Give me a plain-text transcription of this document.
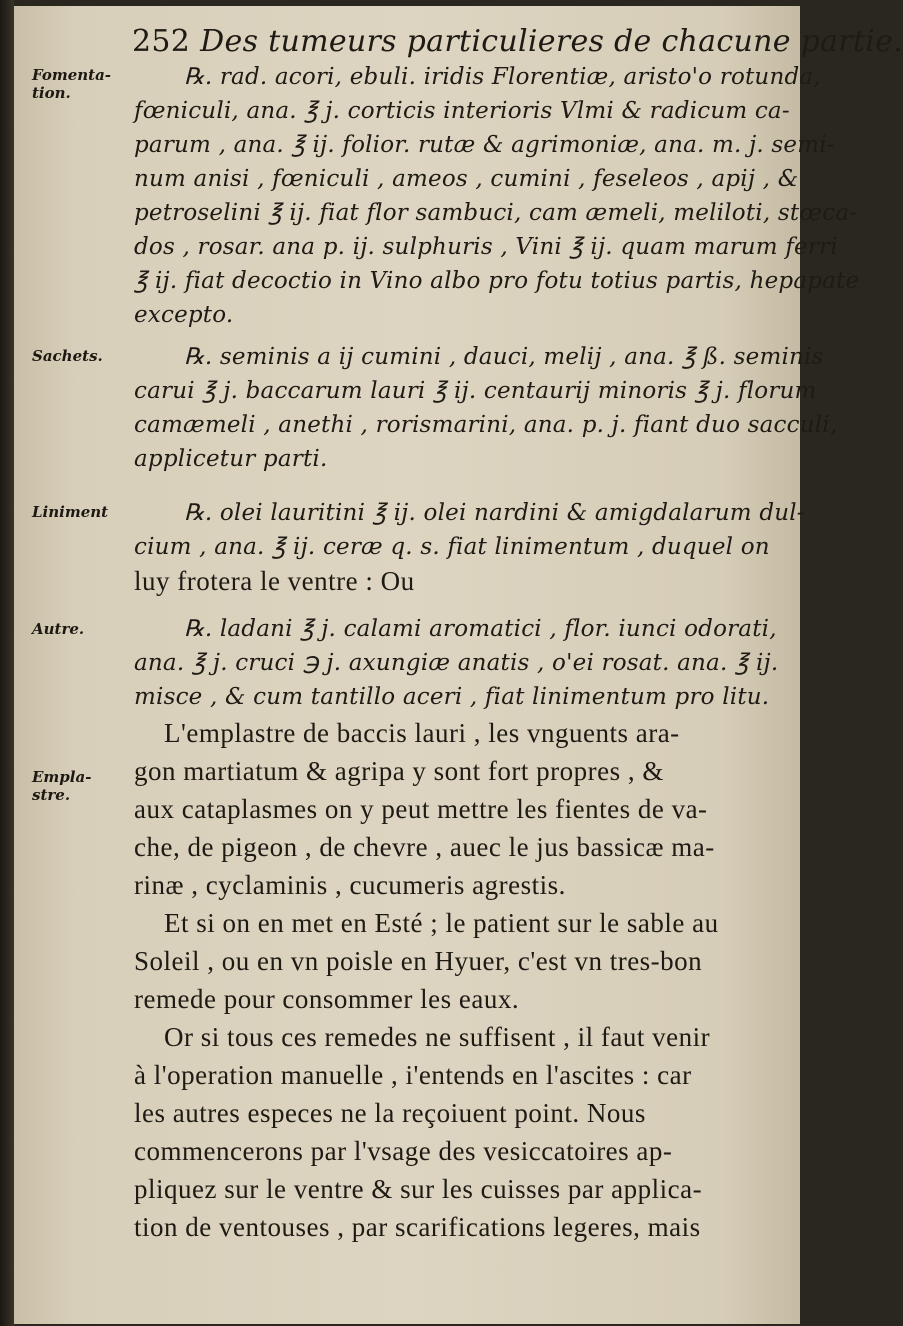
252 Des tumeurs particulieres de chacune partie.
Fomenta- tion.
Sachets.
Liniment
Autre.
Empla- stre.
℞. rad. acori, ebuli. iridis Florentiæ, aristo'o rotunda,
fœniculi, ana. ℥ j. corticis interioris Vlmi & radicum ca-
parum , ana. ℥ ij. folior. rutæ & agrimoniæ, ana. m. j. semi-
num anisi , fœniculi , ameos , cumini , feseleos , apij , &
petroselini ℥ ij. fiat flor sambuci, cam æmeli, meliloti, stœca-
dos , rosar. ana p. ij. sulphuris , Vini ℥ ij. quam marum ferri
℥ ij. fiat decoctio in Vino albo pro fotu totius partis, hepapate
excepto.
℞. seminis a ij cumini , dauci, melij , ana. ℥ ß. seminis
carui ℥ j. baccarum lauri ℥ ij. centaurij minoris ℥ j. florum
camæmeli , anethi , rorismarini, ana. p. j. fiant duo sacculi,
applicetur parti.
℞. olei lauritini ℥ ij. olei nardini & amigdalarum dul-
cium , ana. ℥ ij. ceræ q. s. fiat linimentum , duquel on
luy frotera le ventre : Ou
℞. ladani ℥ j. calami aromatici , flor. iunci odorati,
ana. ℥ j. cruci ℈ j. axungiæ anatis , o'ei rosat. ana. ℥ ij.
misce , & cum tantillo aceri , fiat linimentum pro litu.
L'emplastre de baccis lauri , les vnguents ara-
gon martiatum & agripa y sont fort propres , &
aux cataplasmes on y peut mettre les fientes de va-
che, de pigeon , de chevre , auec le jus bassicæ ma-
rinæ , cyclaminis , cucumeris agrestis.
Et si on en met en Esté ; le patient sur le sable au
Soleil , ou en vn poisle en Hyuer, c'est vn tres-bon
remede pour consommer les eaux.
Or si tous ces remedes ne suffisent , il faut venir
à l'operation manuelle , i'entends en l'ascites : car
les autres especes ne la reçoiuent point. Nous
commencerons par l'vsage des vesiccatoires ap-
pliquez sur le ventre & sur les cuisses par applica-
tion de ventouses , par scarifications legeres, mais
